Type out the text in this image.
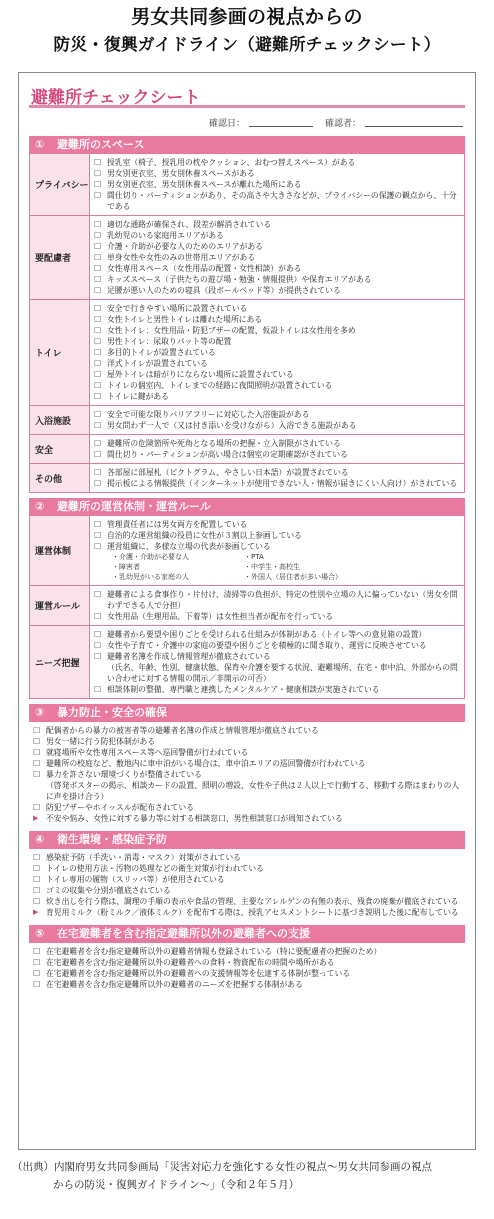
男女共同参画の視点からの
防災・復興ガイドライン（避難所チェックシート）
避難所チェックシート
確認日：	確認者：
① 避難所のスペース
プライバシー
☐ 授乳室（椅子、授乳用の枕やクッション、おむつ替えスペース）がある
☐ 男女別更衣室、男女別休養スペースがある
☐ 男女別更衣室、男女別休養スペースが離れた場所にある
☐ 間仕切り・パーティションがあり、その高さや大きさなどが、プライバシーの保護の観点から、十分である
要配慮者
☐ 適切な通路が確保され、段差が解消されている
☐ 乳幼児のいる家庭用エリアがある
☐ 介護・介助が必要な人のためのエリアがある
☐ 単身女性や女性のみの世帯用エリアがある
☐ 女性専用スペース（女性用品の配置・女性相談）がある
☐ キッズスペース（子供たちの遊び場・勉強・情報提供）や保育エリアがある
☐ 足腰が悪い人のための寝具（段ボールベッド等）が提供されている
トイレ
☐ 安全で行きやすい場所に設置されている
☐ 女性トイレと男性トイレは離れた場所にある
☐ 女性トイレ：女性用品・防犯ブザーの配置、仮設トイレは女性用を多め
☐ 男性トイレ：尿取りパット等の配置
☐ 多目的トイレが設置されている
☐ 洋式トイレが設置されている
☐ 屋外トイレは暗がりにならない場所に設置されている
☐ トイレの個室内、トイレまでの経路に夜間照明が設置されている
☐ トイレに鍵がある
入浴施設
☐ 安全で可能な限りバリアフリーに対応した入浴施設がある
☐ 男女問わず一人で（又は付き添いを受けながら）入浴できる施設がある
安全
☐ 避難所の危険箇所や死角となる場所の把握・立入制限がされている
☐ 間仕切り・パーティションが高い場合は個室の定期確認がされている
その他
☐ 各部屋に部屋札（ピクトグラム、やさしい日本語）が設置されている
☐ 掲示板による情報提供（インターネットが使用できない人・情報が届きにくい人向け）がされている
② 避難所の運営体制・運営ルール
運営体制
☐ 管理責任者には男女両方を配置している
☐ 自治的な運営組織の役員に女性が３割以上参画している
☐ 運営組織に、多様な立場の代表が参画している
・介護・介助が必要な人	・PTA
・障害者	・中学生・高校生
・乳幼児がいる家庭の人	・外国人（居住者が多い場合）
運営ルール
☐ 避難者による食事作り・片付け、清掃等の負担が、特定の性別や立場の人に偏っていない（男女を問わずできる人で分担）
☐ 女性用品（生理用品、下着等）は女性担当者が配布を行っている
ニーズ把握
☐ 避難者から要望や困りごとを受けられる仕組みが体制がある（トイレ等への意見箱の設置）
☐ 女性や子育て・介護中の家庭の要望や困りごとを積極的に聞き取り、運営に反映させている
☐ 避難者名簿を作成し情報管理が徹底されている
（氏名、年齢、性別、健康状態、保育や介護を要する状況、避難場所、在宅・車中泊、外部からの問い合わせに対する情報の開示／非開示の可否）
☐ 相談体制の整備、専門職と連携したメンタルケア・健康相談が実施されている
③ 暴力防止・安全の確保
☐ 配偶者からの暴力の被害者等の避難者名簿の作成と情報管理が徹底されている
☐ 男女一緒に行う防犯体制がある
☐ 就寝場所や女性専用スペース等へ巡回警備が行われている
☐ 避難所の校庭など、敷地内に車中泊がいる場合は、車中泊エリアの巡回警備が行われている
☐ 暴力を許さない環境づくりが整備されている
（啓発ポスターの掲示、相談カードの設置、照明の増設、女性や子供は２人以上で行動する、移動する際はまわりの人に声を掛け合う）
☐ 防犯ブザーやホイッスルが配布されている
▶ 不安や悩み、女性に対する暴力等に対する相談窓口、男性相談窓口が周知されている
④ 衛生環境・感染症予防
☐ 感染症予防（手洗い・消毒・マスク）対策がされている
☐ トイレの使用方法・汚物の処理などの衛生対策が行われている
☐ トイレ専用の履物（スリッパ等）が使用されている
☐ ゴミの収集や分別が徹底されている
☐ 炊き出しを行う際は、調理の手順の表示や食品の管理、主要なアレルゲンの有無の表示、残食の廃棄が徹底されている
▶ 育児用ミルク（粉ミルク／液体ミルク）を配布する際は、授乳アセスメントシートに基づき説明した後に配布している
⑤ 在宅避難者を含む指定避難所以外の避難者への支援
☐ 在宅避難者を含む指定避難所以外の避難者情報も登録されている（特に要配慮者の把握のため）
☐ 在宅避難者を含む指定避難所以外の避難者への食料・物資配布の時間や場所がある
☐ 在宅避難者を含む指定避難所以外の避難者への支援情報等を伝達する体制が整っている
☐ 在宅避難者を含む指定避難所以外の避難者のニーズを把握する体制がある
（出典）内閣府男女共同参画局「災害対応力を強化する女性の視点～男女共同参画の視点
からの防災・復興ガイドライン～」（令和２年５月）
